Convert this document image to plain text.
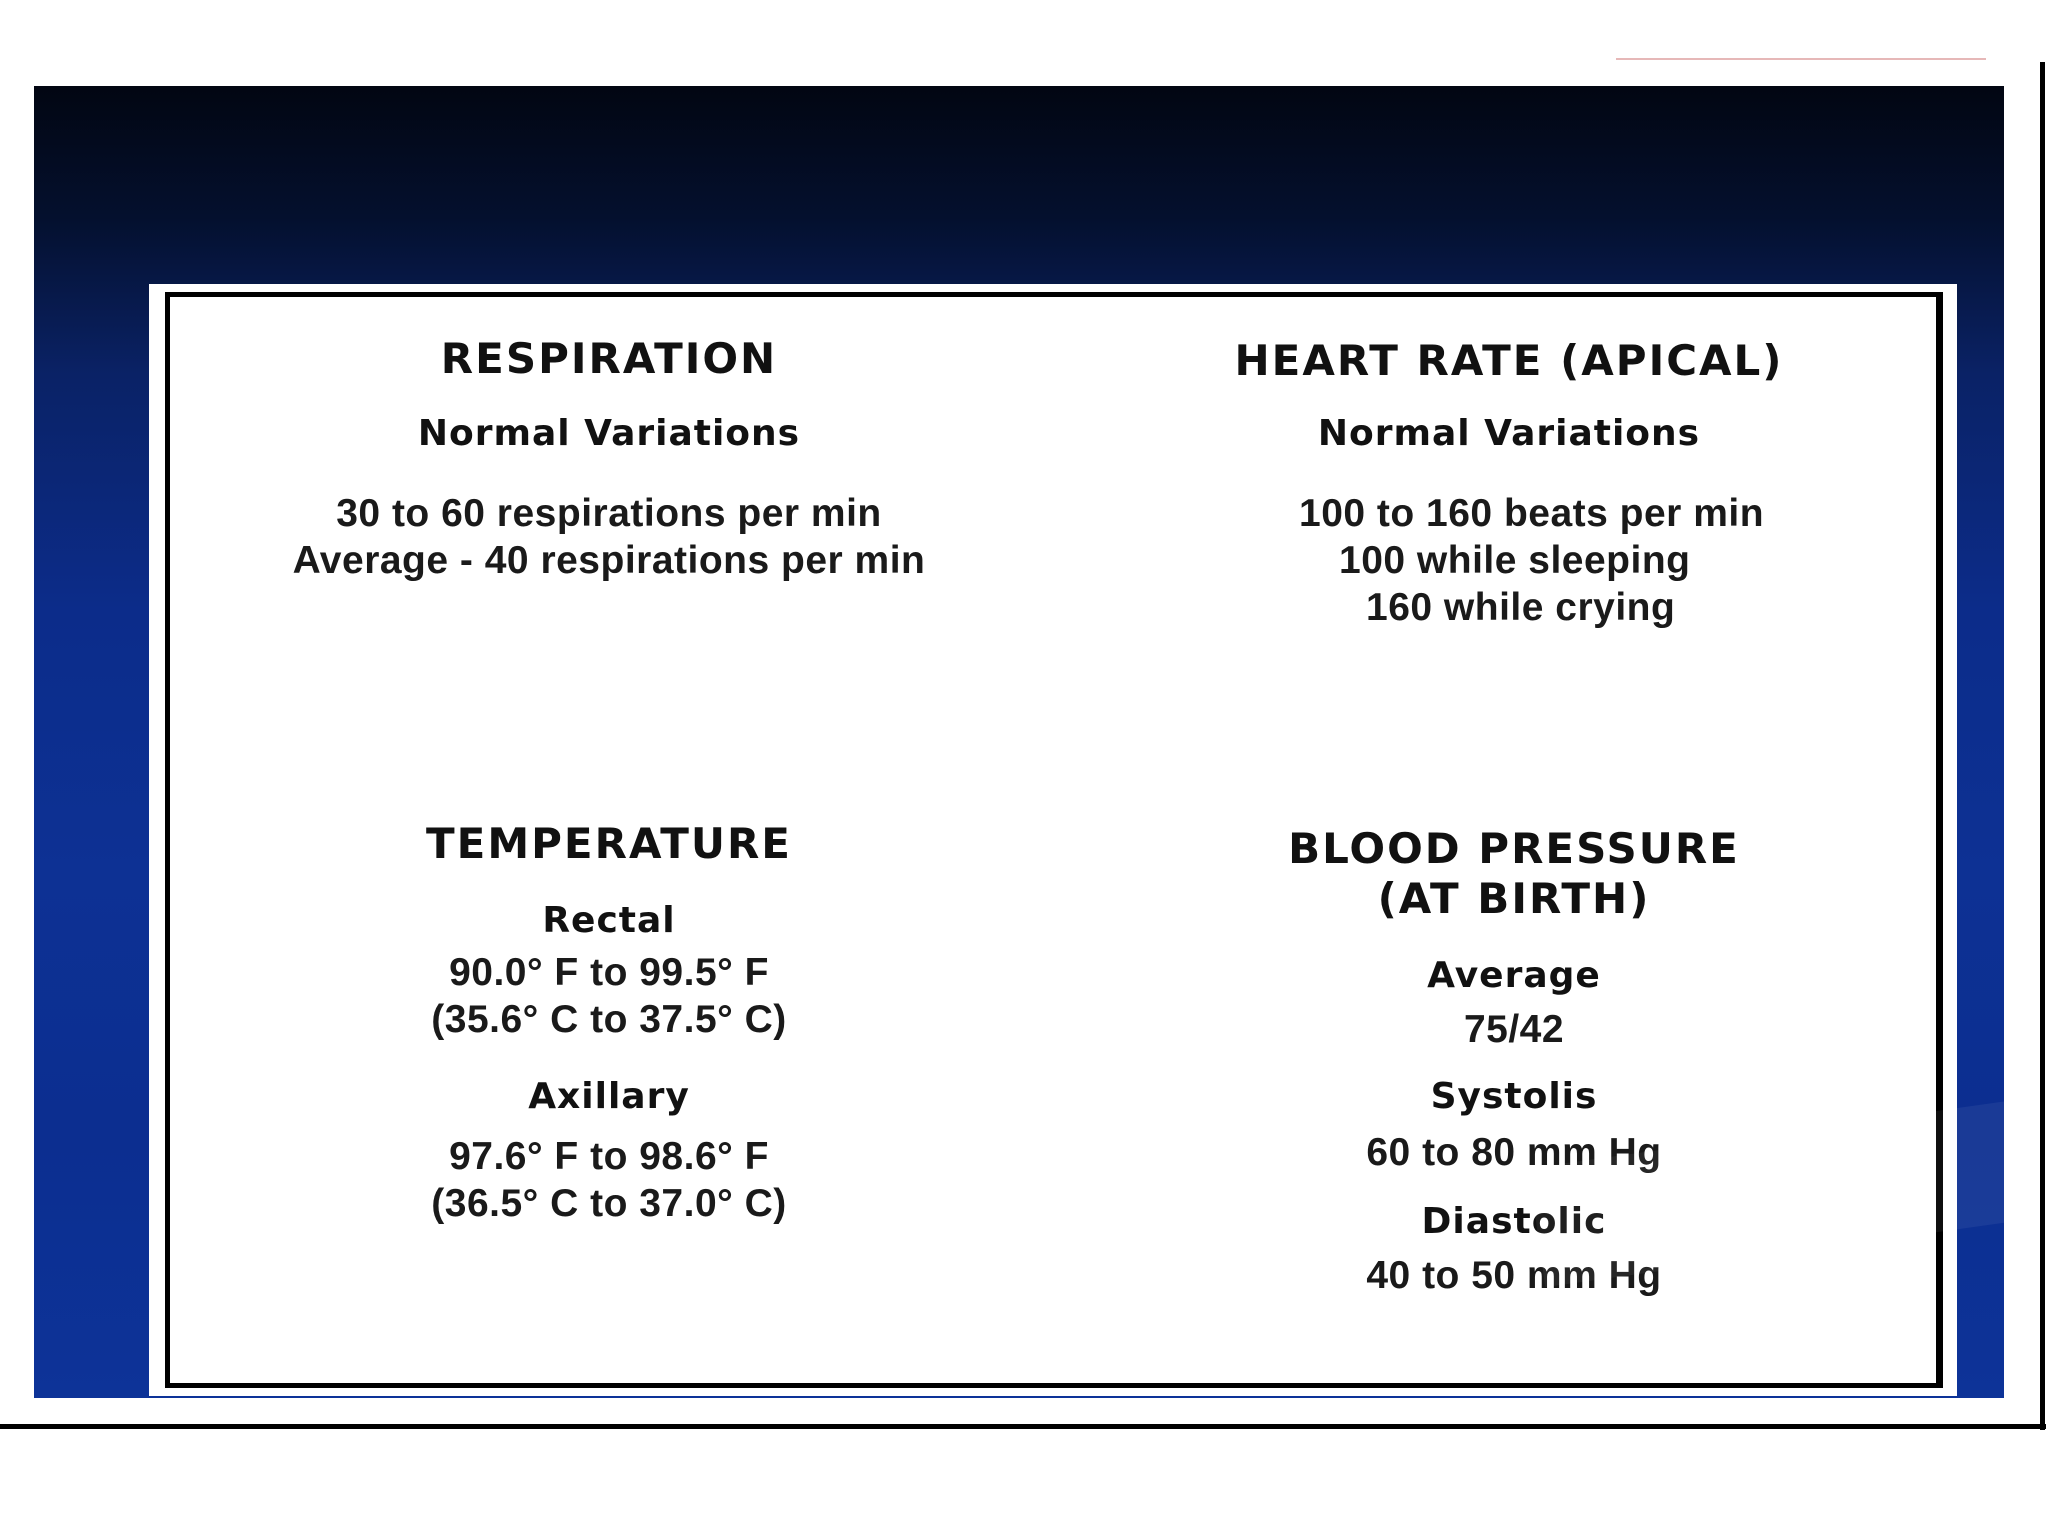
RESPIRATION
Normal Variations
30 to 60 respirations per min
Average - 40 respirations per min
HEART RATE (APICAL)
Normal Variations
100 to 160 beats per min
100 while sleeping
160 while crying
TEMPERATURE
Rectal
90.0° F to 99.5° F
(35.6° C to 37.5° C)
Axillary
97.6° F to 98.6° F
(36.5° C to 37.0° C)
BLOOD PRESSURE
(AT BIRTH)
Average
75/42
Systolis
60 to 80 mm Hg
Diastolic
40 to 50 mm Hg
